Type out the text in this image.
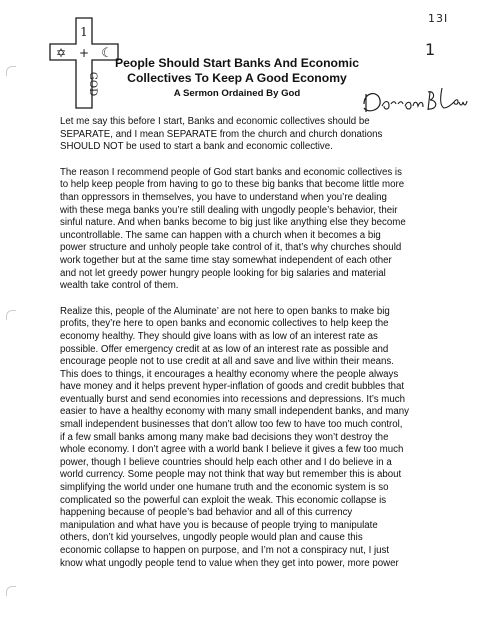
1
+
✡	☾
GOD
13I
1
People Should Start Banks And Economic
Collectives To Keep A Good Economy
A Sermon Ordained By God
Let me say this before I start, Banks and economic collectives should be
SEPARATE, and I mean SEPARATE from the church and church donations
SHOULD NOT be used to start a bank and economic collective.
The reason I recommend people of God start banks and economic collectives is
to help keep people from having to go to these big banks that become little more
than oppressors in themselves, you have to understand when you’re dealing
with these mega banks you’re still dealing with ungodly people’s behavior, their
sinful nature. And when banks become to big just like anything else they become
uncontrollable. The same can happen with a church when it becomes a big
power structure and unholy people take control of it, that’s why churches should
work together but at the same time stay somewhat independent of each other
and not let greedy power hungry people looking for big salaries and material
wealth take control of them.
Realize this, people of the Aluminate’ are not here to open banks to make big
profits, they’re here to open banks and economic collectives to help keep the
economy healthy. They should give loans with as low of an interest rate as
possible. Offer emergency credit at as low of an interest rate as possible and
encourage people not to use credit at all and save and live within their means.
This does to things, it encourages a healthy economy where the people always
have money and it helps prevent hyper-inflation of goods and credit bubbles that
eventually burst and send economies into recessions and depressions. It’s much
easier to have a healthy economy with many small independent banks, and many
small independent businesses that don’t allow too few to have too much control,
if a few small banks among many make bad decisions they won’t destroy the
whole economy. I don’t agree with a world bank I believe it gives a few too much
power, though I believe countries should help each other and I do believe in a
world currency. Some people may not think that way but remember this is about
simplifying the world under one humane truth and the economic system is so
complicated so the powerful can exploit the weak. This economic collapse is
happening because of people’s bad behavior and all of this currency
manipulation and what have you is because of people trying to manipulate
others, don’t kid yourselves, ungodly people would plan and cause this
economic collapse to happen on purpose, and I’m not a conspiracy nut, I just
know what ungodly people tend to value when they get into power, more power
